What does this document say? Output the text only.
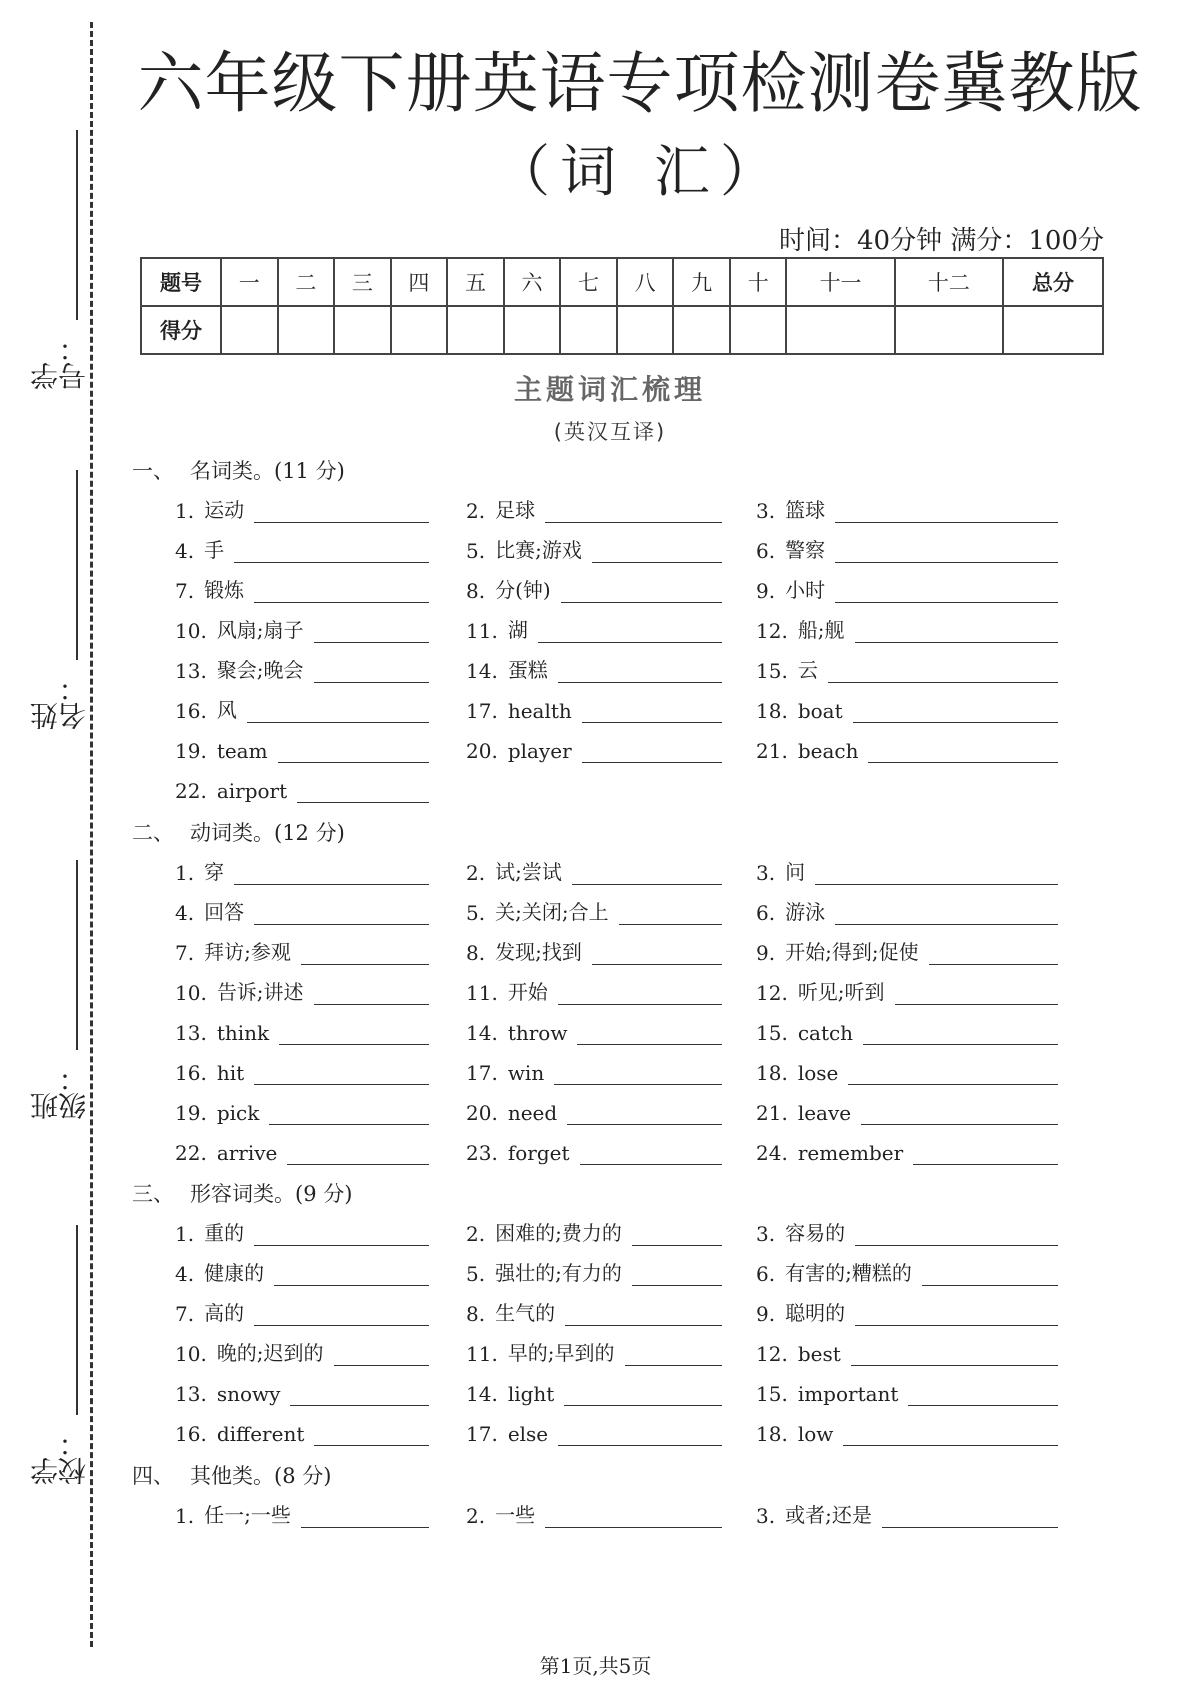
学号：
姓名：
班级：
学校：
六年级下册英语专项检测卷冀教版
（词 汇）
时间：40分钟 满分：100分
题号	一	二	三	四	五	六	七	八	九	十	十一	十二	总分
得分													
主题词汇梳理
(英汉互译)
一、 名词类。(11 分)
二、 动词类。(12 分)
三、 形容词类。(9 分)
四、 其他类。(8 分)
1. 运动	2. 足球	3. 篮球
4. 手	5. 比赛;游戏	6. 警察
7. 锻炼	8. 分(钟)	9. 小时
10. 风扇;扇子	11. 湖	12. 船;舰
13. 聚会;晚会	14. 蛋糕	15. 云
16. 风	17. health	18. boat
19. team	20. player	21. beach
22. airport
1. 穿	2. 试;尝试	3. 问
4. 回答	5. 关;关闭;合上	6. 游泳
7. 拜访;参观	8. 发现;找到	9. 开始;得到;促使
10. 告诉;讲述	11. 开始	12. 听见;听到
13. think	14. throw	15. catch
16. hit	17. win	18. lose
19. pick	20. need	21. leave
22. arrive	23. forget	24. remember
1. 重的	2. 困难的;费力的	3. 容易的
4. 健康的	5. 强壮的;有力的	6. 有害的;糟糕的
7. 高的	8. 生气的	9. 聪明的
10. 晚的;迟到的	11. 早的;早到的	12. best
13. snowy	14. light	15. important
16. different	17. else	18. low
1. 任一;一些	2. 一些	3. 或者;还是
第1页,共5页
